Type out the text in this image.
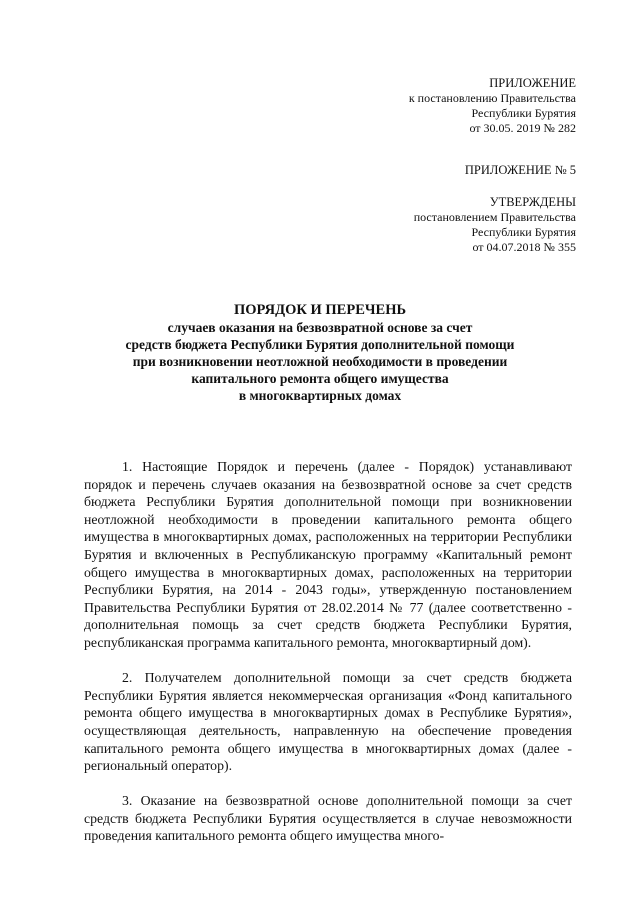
ПРИЛОЖЕНИЕ
к постановлению Правительства
Республики Бурятия
от 30.05. 2019 № 282
ПРИЛОЖЕНИЕ № 5
УТВЕРЖДЕНЫ
постановлением Правительства
Республики Бурятия
от 04.07.2018 № 355
ПОРЯДОК И ПЕРЕЧЕНЬ
случаев оказания на безвозвратной основе за счет
средств бюджета Республики Бурятия дополнительной помощи
при возникновении неотложной необходимости в проведении
капитального ремонта общего имущества
в многоквартирных домах

1. Настоящие Порядок и перечень (далее - Порядок) устанавливают порядок и перечень случаев оказания на безвозвратной основе за счет средств бюджета Республики Бурятия дополнительной помощи при возникновении неотложной необходимости в проведении капитального ремонта общего имущества в многоквартирных домах, расположенных на территории Республики Бурятия и включенных в Республиканскую программу «Капитальный ремонт общего имущества в многоквартирных домах, расположенных на территории Республики Бурятия, на 2014 - 2043 годы», утвержденную постановлением Правительства Республики Бурятия от 28.02.2014 № 77 (далее соответственно - дополнительная помощь за счет средств бюджета Республики Бурятия, республиканская программа капитального ремонта, многоквартирный дом).

2. Получателем дополнительной помощи за счет средств бюджета Республики Бурятия является некоммерческая организация «Фонд капитального ремонта общего имущества в многоквартирных домах в Республике Бурятия», осуществляющая деятельность, направленную на обеспечение проведения капитального ремонта общего имущества в многоквартирных домах (далее - региональный оператор).

3. Оказание на безвозвратной основе дополнительной помощи за счет средств бюджета Республики Бурятия осуществляется в случае невозможности проведения капитального ремонта общего имущества много-
